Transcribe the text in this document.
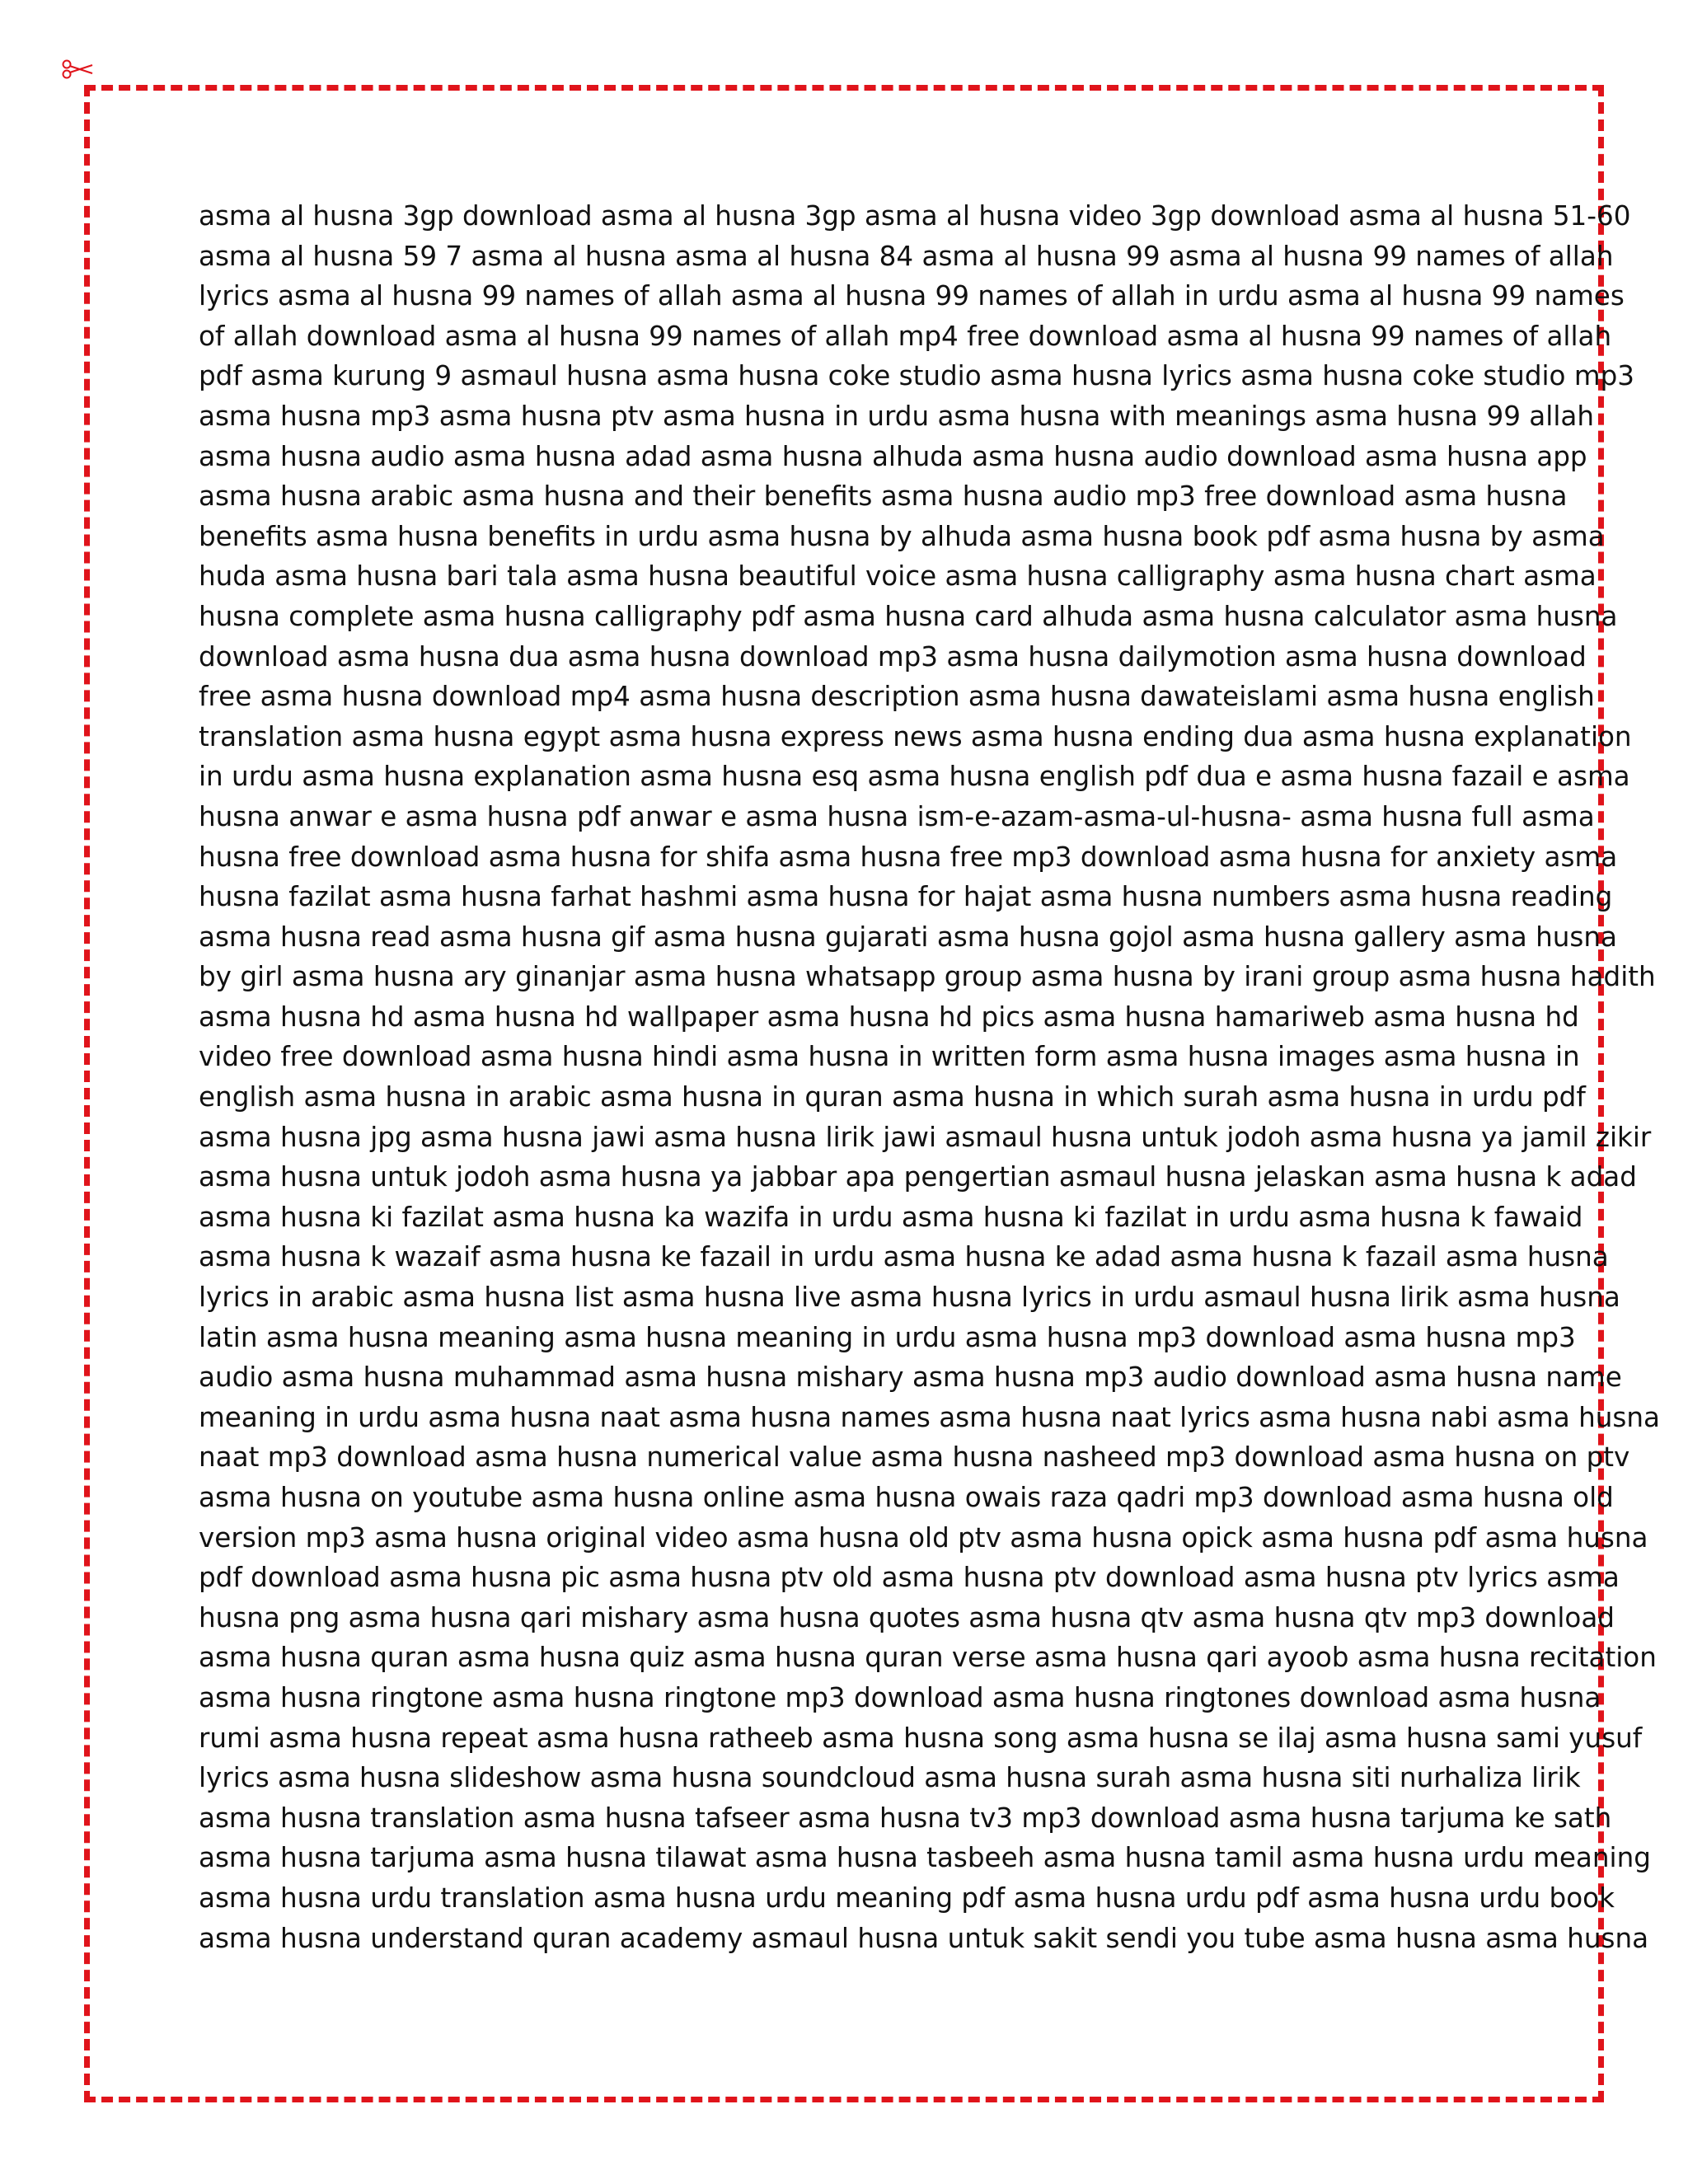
asma al husna 3gp download asma al husna 3gp asma al husna video 3gp download asma al husna 51-60
asma al husna 59 7 asma al husna asma al husna 84 asma al husna 99 asma al husna 99 names of allah
lyrics asma al husna 99 names of allah asma al husna 99 names of allah in urdu asma al husna 99 names
of allah download asma al husna 99 names of allah mp4 free download asma al husna 99 names of allah
pdf asma kurung 9 asmaul husna asma husna coke studio asma husna lyrics asma husna coke studio mp3
asma husna mp3 asma husna ptv asma husna in urdu asma husna with meanings asma husna 99 allah
asma husna audio asma husna adad asma husna alhuda asma husna audio download asma husna app
asma husna arabic asma husna and their benefits asma husna audio mp3 free download asma husna
benefits asma husna benefits in urdu asma husna by alhuda asma husna book pdf asma husna by asma
huda asma husna bari tala asma husna beautiful voice asma husna calligraphy asma husna chart asma
husna complete asma husna calligraphy pdf asma husna card alhuda asma husna calculator asma husna
download asma husna dua asma husna download mp3 asma husna dailymotion asma husna download
free asma husna download mp4 asma husna description asma husna dawateislami asma husna english
translation asma husna egypt asma husna express news asma husna ending dua asma husna explanation
in urdu asma husna explanation asma husna esq asma husna english pdf dua e asma husna fazail e asma
husna anwar e asma husna pdf anwar e asma husna ism-e-azam-asma-ul-husna- asma husna full asma
husna free download asma husna for shifa asma husna free mp3 download asma husna for anxiety asma
husna fazilat asma husna farhat hashmi asma husna for hajat asma husna numbers asma husna reading
asma husna read asma husna gif asma husna gujarati asma husna gojol asma husna gallery asma husna
by girl asma husna ary ginanjar asma husna whatsapp group asma husna by irani group asma husna hadith
asma husna hd asma husna hd wallpaper asma husna hd pics asma husna hamariweb asma husna hd
video free download asma husna hindi asma husna in written form asma husna images asma husna in
english asma husna in arabic asma husna in quran asma husna in which surah asma husna in urdu pdf
asma husna jpg asma husna jawi asma husna lirik jawi asmaul husna untuk jodoh asma husna ya jamil zikir
asma husna untuk jodoh asma husna ya jabbar apa pengertian asmaul husna jelaskan asma husna k adad
asma husna ki fazilat asma husna ka wazifa in urdu asma husna ki fazilat in urdu asma husna k fawaid
asma husna k wazaif asma husna ke fazail in urdu asma husna ke adad asma husna k fazail asma husna
lyrics in arabic asma husna list asma husna live asma husna lyrics in urdu asmaul husna lirik asma husna
latin asma husna meaning asma husna meaning in urdu asma husna mp3 download asma husna mp3
audio asma husna muhammad asma husna mishary asma husna mp3 audio download asma husna name
meaning in urdu asma husna naat asma husna names asma husna naat lyrics asma husna nabi asma husna
naat mp3 download asma husna numerical value asma husna nasheed mp3 download asma husna on ptv
asma husna on youtube asma husna online asma husna owais raza qadri mp3 download asma husna old
version mp3 asma husna original video asma husna old ptv asma husna opick asma husna pdf asma husna
pdf download asma husna pic asma husna ptv old asma husna ptv download asma husna ptv lyrics asma
husna png asma husna qari mishary asma husna quotes asma husna qtv asma husna qtv mp3 download
asma husna quran asma husna quiz asma husna quran verse asma husna qari ayoob asma husna recitation
asma husna ringtone asma husna ringtone mp3 download asma husna ringtones download asma husna
rumi asma husna repeat asma husna ratheeb asma husna song asma husna se ilaj asma husna sami yusuf
lyrics asma husna slideshow asma husna soundcloud asma husna surah asma husna siti nurhaliza lirik
asma husna translation asma husna tafseer asma husna tv3 mp3 download asma husna tarjuma ke sath
asma husna tarjuma asma husna tilawat asma husna tasbeeh asma husna tamil asma husna urdu meaning
asma husna urdu translation asma husna urdu meaning pdf asma husna urdu pdf asma husna urdu book
asma husna understand quran academy asmaul husna untuk sakit sendi you tube asma husna asma husna
